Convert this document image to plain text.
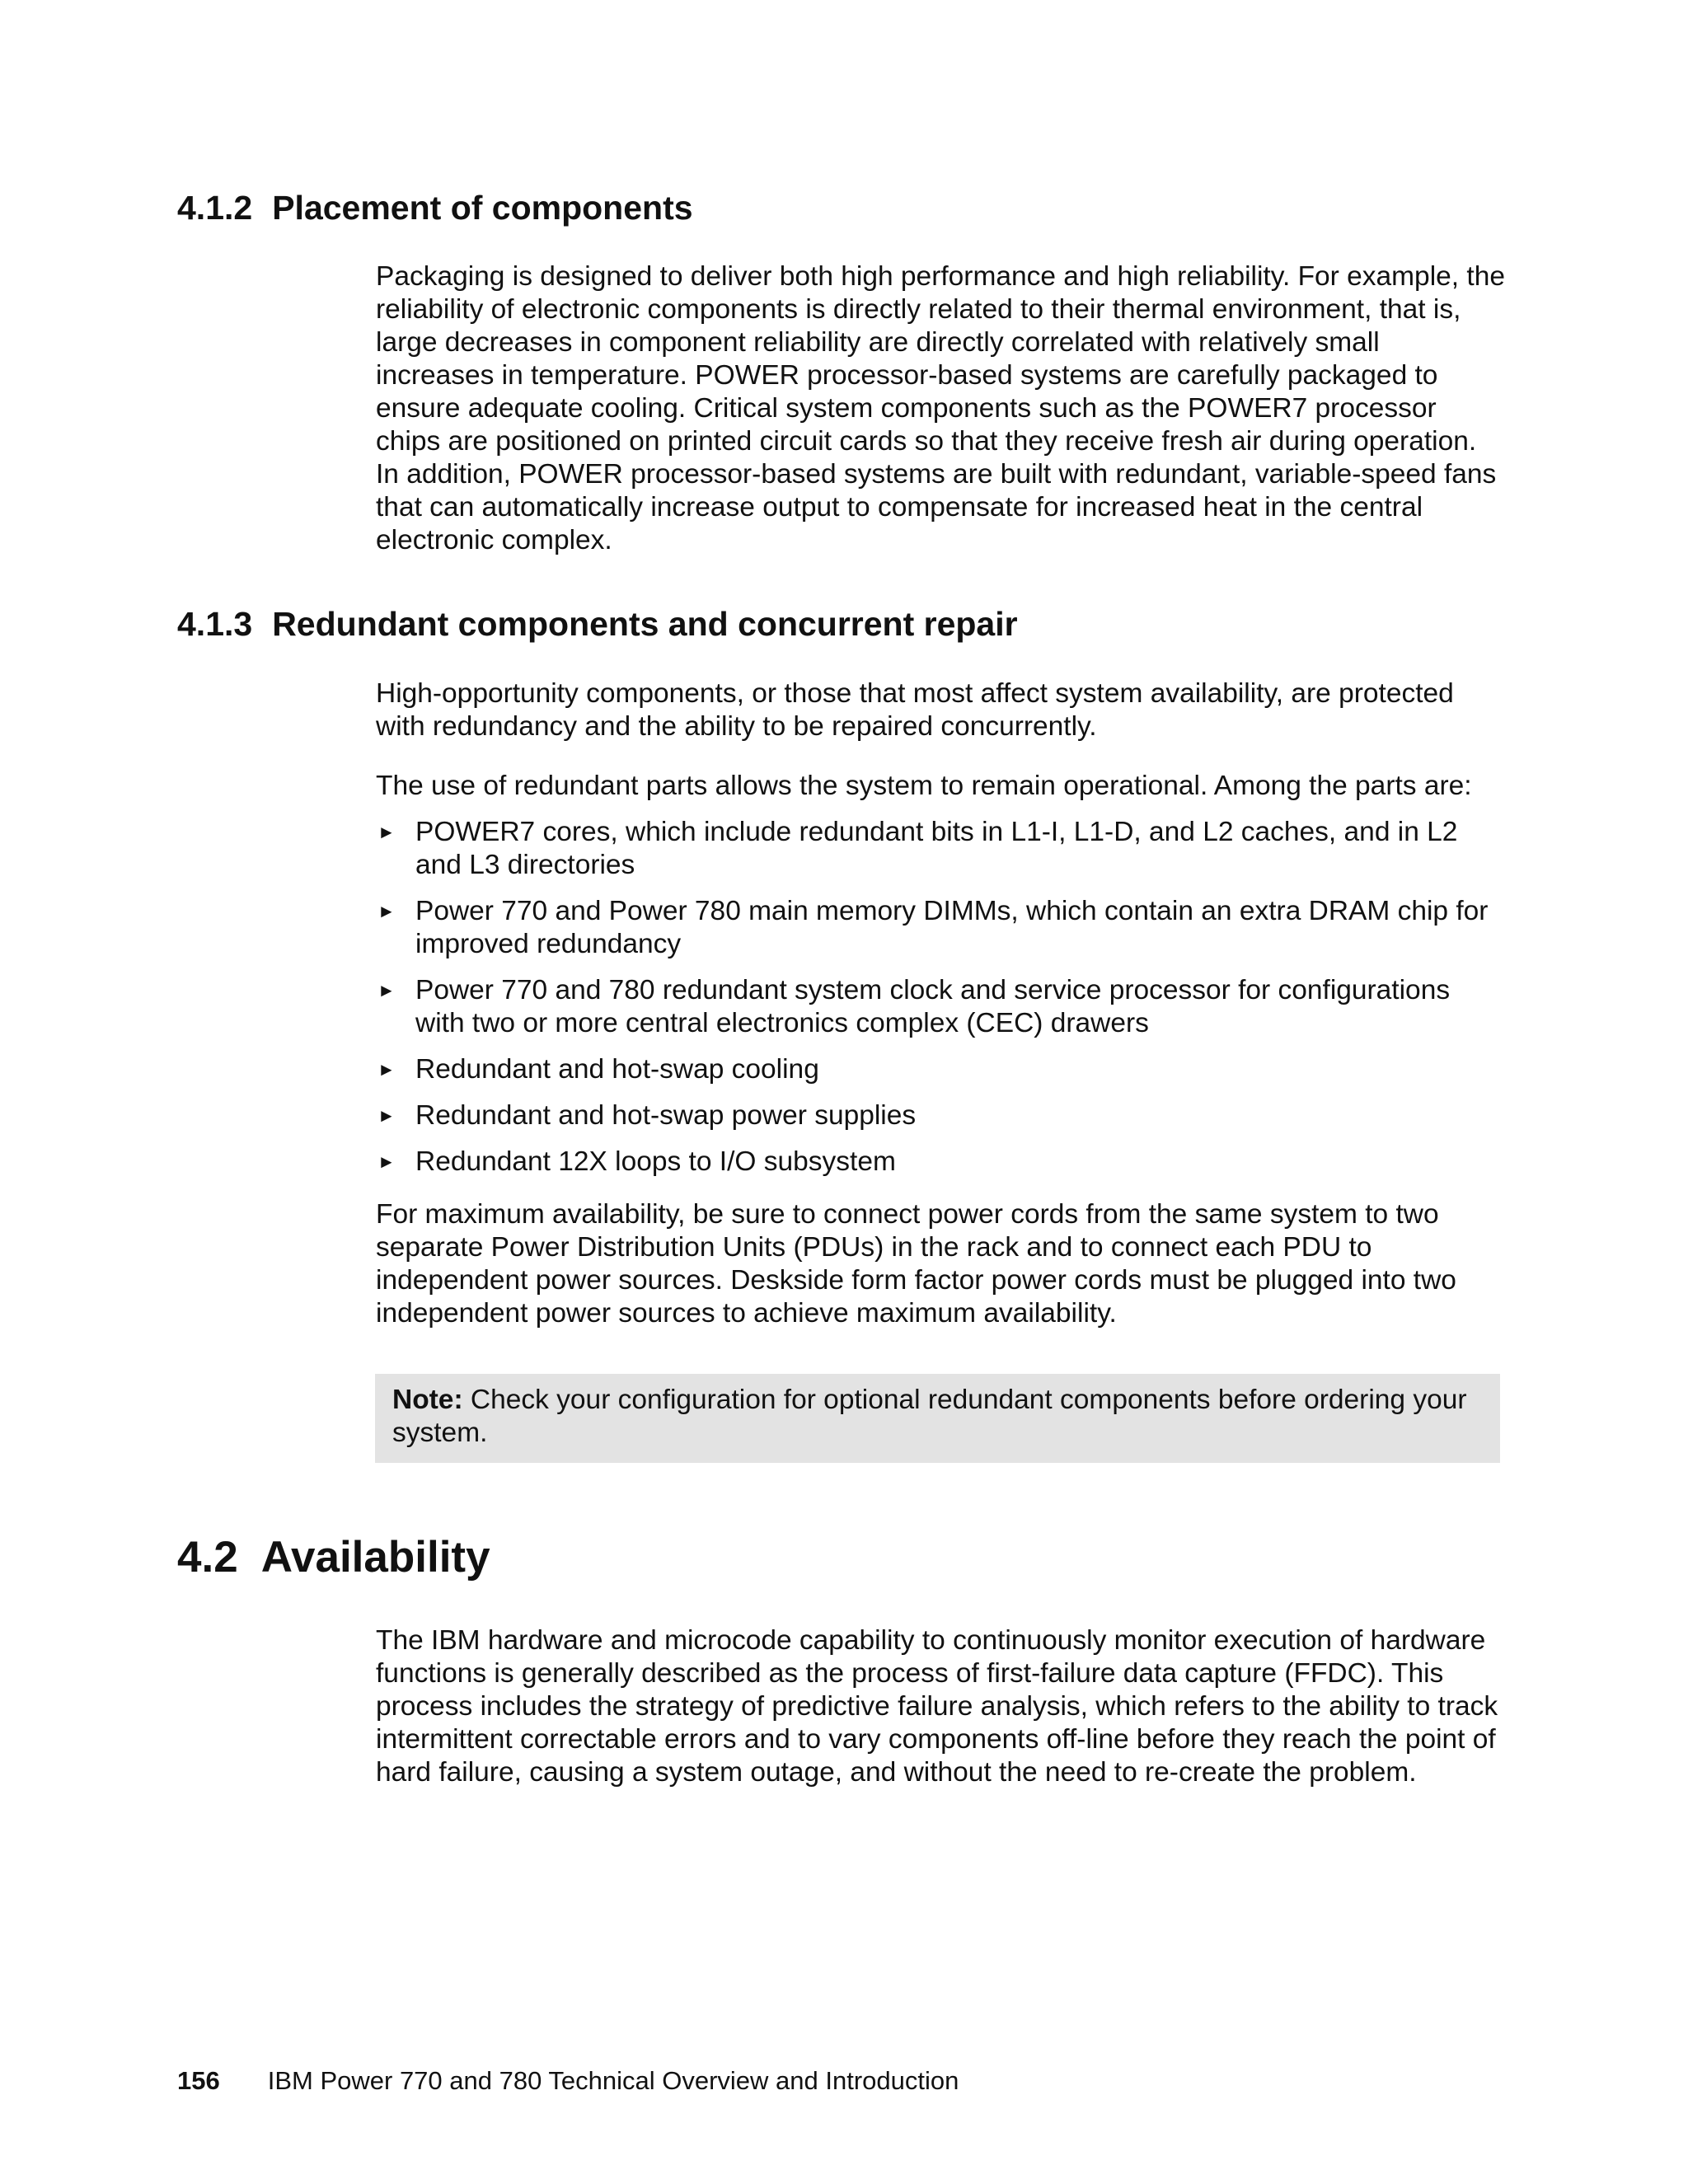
4.1.2 Placement of components

Packaging is designed to deliver both high performance and high reliability. For example, the reliability of electronic components is directly related to their thermal environment, that is, large decreases in component reliability are directly correlated with relatively small increases in temperature. POWER processor-based systems are carefully packaged to ensure adequate cooling. Critical system components such as the POWER7 processor chips are positioned on printed circuit cards so that they receive fresh air during operation. In addition, POWER processor-based systems are built with redundant, variable-speed fans that can automatically increase output to compensate for increased heat in the central electronic complex.

4.1.3 Redundant components and concurrent repair

High-opportunity components, or those that most affect system availability, are protected with redundancy and the ability to be repaired concurrently.

The use of redundant parts allows the system to remain operational. Among the parts are:

► POWER7 cores, which include redundant bits in L1-I, L1-D, and L2 caches, and in L2 and L3 directories
► Power 770 and Power 780 main memory DIMMs, which contain an extra DRAM chip for improved redundancy
► Power 770 and 780 redundant system clock and service processor for configurations with two or more central electronics complex (CEC) drawers
► Redundant and hot-swap cooling
► Redundant and hot-swap power supplies
► Redundant 12X loops to I/O subsystem

For maximum availability, be sure to connect power cords from the same system to two separate Power Distribution Units (PDUs) in the rack and to connect each PDU to independent power sources. Deskside form factor power cords must be plugged into two independent power sources to achieve maximum availability.

Note: Check your configuration for optional redundant components before ordering your system.
4.2 Availability

The IBM hardware and microcode capability to continuously monitor execution of hardware functions is generally described as the process of first-failure data capture (FFDC). This process includes the strategy of predictive failure analysis, which refers to the ability to track intermittent correctable errors and to vary components off-line before they reach the point of hard failure, causing a system outage, and without the need to re-create the problem.

156 IBM Power 770 and 780 Technical Overview and Introduction
